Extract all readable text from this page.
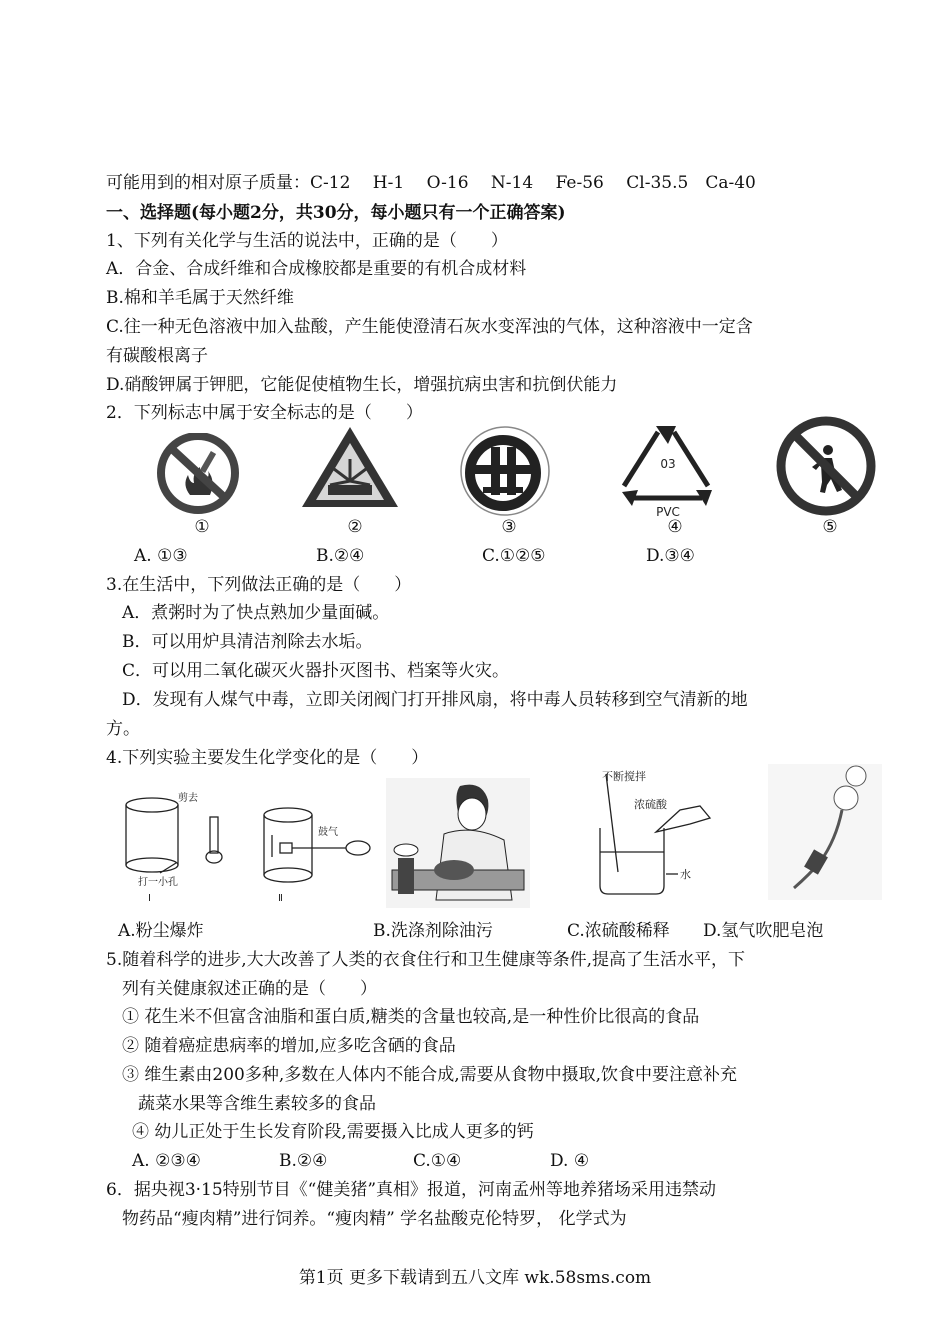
可能用到的相对原子质量：C-12　 H-1　 O-16　 N-14　 Fe-56　 Cl-35.5　Ca-40
一、选择题(每小题2分，共30分，每小题只有一个正确答案)
1、下列有关化学与生活的说法中，正确的是（　　）
A．合金、合成纤维和合成橡胶都是重要的有机合成材料
B.棉和羊毛属于天然纤维
C.往一种无色溶液中加入盐酸，产生能使澄清石灰水变浑浊的气体，这种溶液中一定含
有碳酸根离子
D.硝酸钾属于钾肥，它能促使植物生长，增强抗病虫害和抗倒伏能力
2．下列标志中属于安全标志的是（　　）
03
PVC
①	②	③	④	⑤
A. ①③	B.②④	C.①②⑤	D.③④
3.在生活中，下列做法正确的是（　　）
A．煮粥时为了快点熟加少量面碱。
B．可以用炉具清洁剂除去水垢。
C．可以用二氧化碳灭火器扑灭图书、档案等火灾。
D．发现有人煤气中毒，立即关闭阀门打开排风扇，将中毒人员转移到空气清新的地
方。
4.下列实验主要发生化学变化的是（　　）
剪去
打一小孔
Ⅰ
鼓气
Ⅱ
不断搅拌
浓硫酸
水
A.粉尘爆炸	B.洗涤剂除油污	C.浓硫酸稀释 D.氢气吹肥皂泡
5.随着科学的进步,大大改善了人类的衣食住行和卫生健康等条件,提高了生活水平，下
列有关健康叙述正确的是（　　）
① 花生米不但富含油脂和蛋白质,糖类的含量也较高,是一种性价比很高的食品
② 随着癌症患病率的增加,应多吃含硒的食品
③ 维生素由200多种,多数在人体内不能合成,需要从食物中摄取,饮食中要注意补充
蔬菜水果等含维生素较多的食品
④ 幼儿正处于生长发育阶段,需要摄入比成人更多的钙
A. ②③④	B.②④	C.①④	D. ④
6．据央视3·15特别节目《“健美猪”真相》报道，河南孟州等地养猪场采用违禁动
物药品“瘦肉精”进行饲养。“瘦肉精” 学名盐酸克伦特罗， 化学式为
第1页 更多下载请到五八文库 wk.58sms.com
